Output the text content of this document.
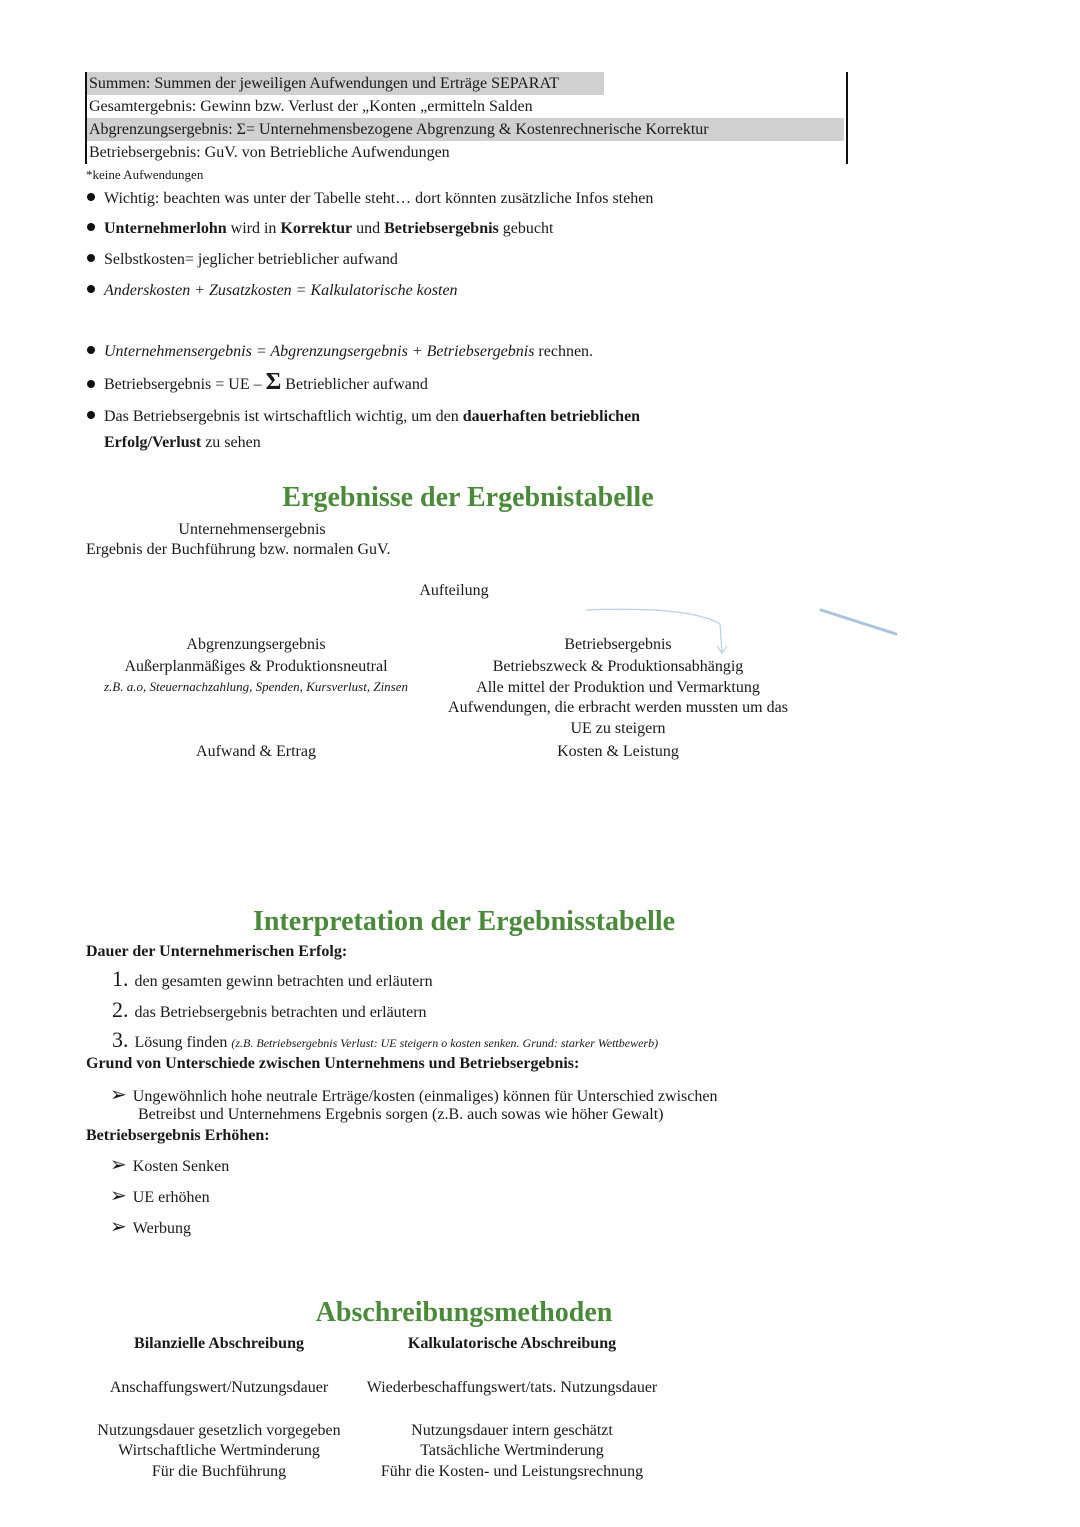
Summen: Summen der jeweiligen Aufwendungen und Erträge SEPARAT
Gesamtergebnis: Gewinn bzw. Verlust der „Konten „ermitteln Salden
Abgrenzungsergebnis: Σ= Unternehmensbezogene Abgrenzung & Kostenrechnerische Korrektur
Betriebsergebnis: GuV. von Betriebliche Aufwendungen
*keine Aufwendungen
Wichtig: beachten was unter der Tabelle steht… dort könnten zusätzliche Infos stehen
Unternehmerlohn wird in Korrektur und Betriebsergebnis gebucht
Selbstkosten= jeglicher betrieblicher aufwand
Anderskosten + Zusatzkosten = Kalkulatorische kosten
Unternehmensergebnis = Abgrenzungsergebnis + Betriebsergebnis rechnen.
Betriebsergebnis = UE – Σ Betrieblicher aufwand
Das Betriebsergebnis ist wirtschaftlich wichtig, um den dauerhaften betrieblichen
Erfolg/Verlust zu sehen
Ergebnisse der Ergebnistabelle
Unternehmensergebnis
Ergebnis der Buchführung bzw. normalen GuV.
Aufteilung
Abgrenzungsergebnis
Außerplanmäßiges & Produktionsneutral
z.B. a.o, Steuernachzahlung, Spenden, Kursverlust, Zinsen
Aufwand & Ertrag
Betriebsergebnis
Betriebszweck & Produktionsabhängig
Alle mittel der Produktion und Vermarktung
Aufwendungen, die erbracht werden mussten um das
UE zu steigern
Kosten & Leistung
Interpretation der Ergebnisstabelle
Dauer der Unternehmerischen Erfolg:
1. den gesamten gewinn betrachten und erläutern
2. das Betriebsergebnis betrachten und erläutern
3. Lösung finden (z.B. Betriebsergebnis Verlust: UE steigern o kosten senken. Grund: starker Wettbewerb)
Grund von Unterschiede zwischen Unternehmens und Betriebsergebnis:
➢ Ungewöhnlich hohe neutrale Erträge/kosten (einmaliges) können für Unterschied zwischen
Betreibst und Unternehmens Ergebnis sorgen (z.B. auch sowas wie höher Gewalt)
Betriebsergebnis Erhöhen:
➢ Kosten Senken
➢ UE erhöhen
➢ Werbung
Abschreibungsmethoden
Bilanzielle Abschreibung	Kalkulatorische Abschreibung
Anschaffungswert/Nutzungsdauer Wiederbeschaffungswert/tats. Nutzungsdauer
Nutzungsdauer gesetzlich vorgegeben
Wirtschaftliche Wertminderung
Für die Buchführung
Nutzungsdauer intern geschätzt
Tatsächliche Wertminderung
Führ die Kosten- und Leistungsrechnung
